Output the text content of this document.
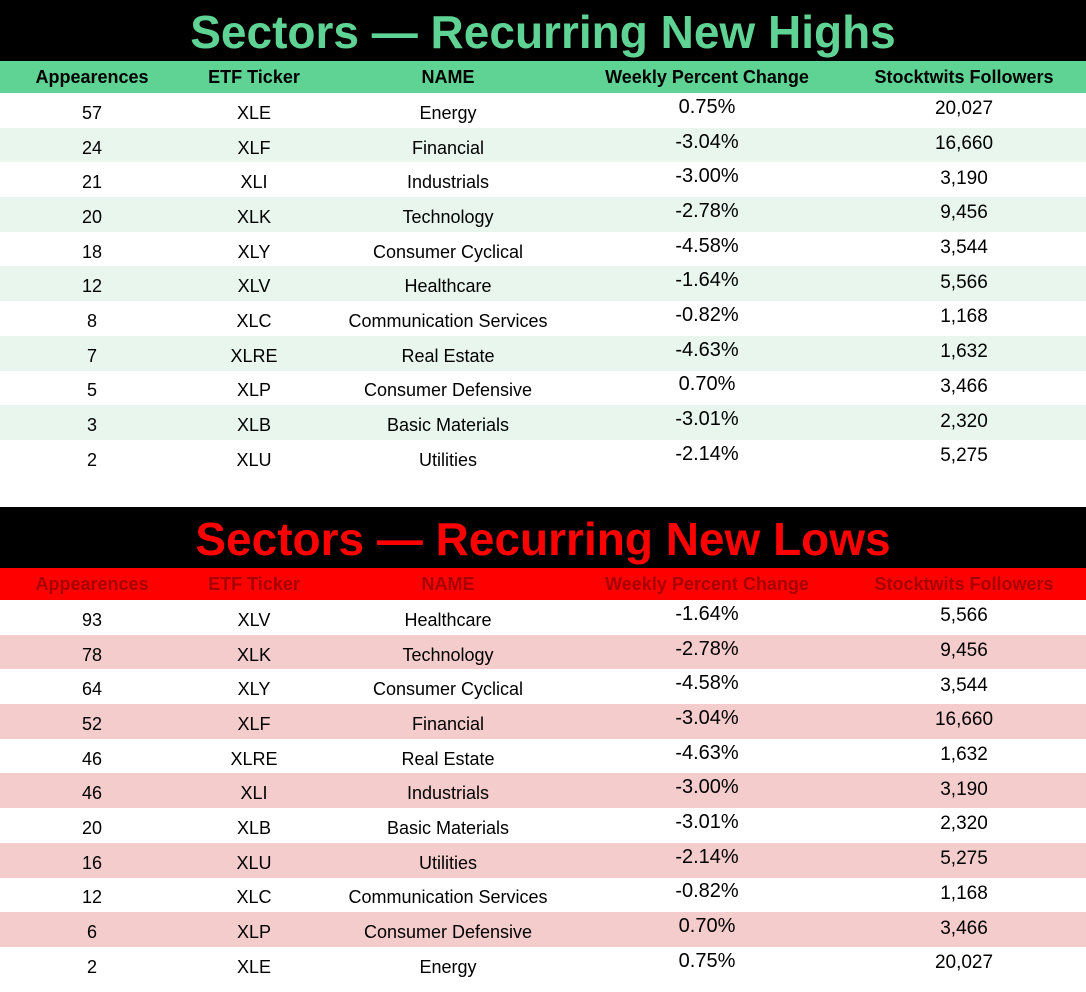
Sectors — Recurring New Highs
Appearences	ETF Ticker	NAME	Weekly Percent Change	Stocktwits Followers
57	XLE	Energy	0.75%	20,027
24	XLF	Financial	-3.04%	16,660
21	XLI	Industrials	-3.00%	3,190
20	XLK	Technology	-2.78%	9,456
18	XLY	Consumer Cyclical	-4.58%	3,544
12	XLV	Healthcare	-1.64%	5,566
8	XLC	Communication Services	-0.82%	1,168
7	XLRE	Real Estate	-4.63%	1,632
5	XLP	Consumer Defensive	0.70%	3,466
3	XLB	Basic Materials	-3.01%	2,320
2	XLU	Utilities	-2.14%	5,275
Sectors — Recurring New Lows
Appearences	ETF Ticker	NAME	Weekly Percent Change	Stocktwits Followers
93	XLV	Healthcare	-1.64%	5,566
78	XLK	Technology	-2.78%	9,456
64	XLY	Consumer Cyclical	-4.58%	3,544
52	XLF	Financial	-3.04%	16,660
46	XLRE	Real Estate	-4.63%	1,632
46	XLI	Industrials	-3.00%	3,190
20	XLB	Basic Materials	-3.01%	2,320
16	XLU	Utilities	-2.14%	5,275
12	XLC	Communication Services	-0.82%	1,168
6	XLP	Consumer Defensive	0.70%	3,466
2	XLE	Energy	0.75%	20,027
